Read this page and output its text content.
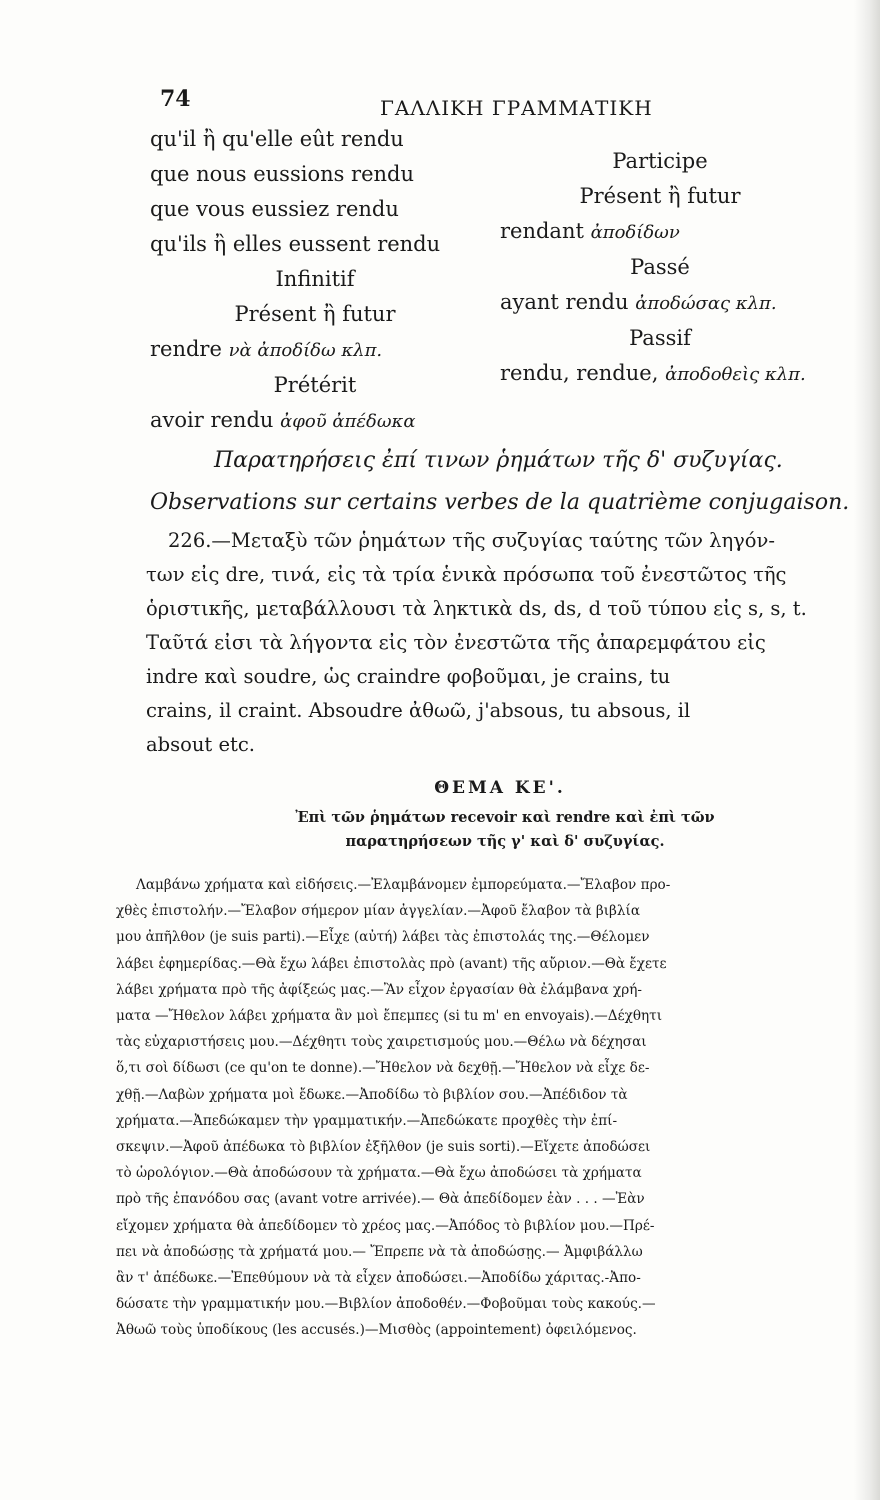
74	ΓΑΛΛΙΚΗ ΓΡΑΜΜΑΤΙΚΗ
qu'il ἢ qu'elle eût rendu
que nous eussions rendu
que vous eussiez rendu
qu'ils ἢ elles eussent rendu
Infinitif
Présent ἢ futur
rendre νὰ ἀποδίδω κλπ.
Prétérit
avoir rendu ἀφοῦ ἀπέδωκα
Participe
Présent ἢ futur
rendant ἀποδίδων
Passé
ayant rendu ἀποδώσας κλπ.
Passif
rendu, rendue, ἀποδοθεὶς κλπ.
Παρατηρήσεις ἐπί τινων ῥημάτων τῆς δ' συζυγίας.
Observations sur certains verbes de la quatrième conjugaison.
226.—Μεταξὺ τῶν ῥημάτων τῆς συζυγίας ταύτης τῶν ληγόν-
των εἰς dre, τινά, εἰς τὰ τρία ἑνικὰ πρόσωπα τοῦ ἐνεστῶτος τῆς
ὁριστικῆς, μεταβάλλουσι τὰ ληκτικὰ ds, ds, d τοῦ τύπου εἰς s, s, t.
Ταῦτά εἰσι τὰ λήγοντα εἰς τὸν ἐνεστῶτα τῆς ἀπαρεμφάτου εἰς
indre καὶ soudre, ὡς craindre φοβοῦμαι, je crains, tu
crains, il craint. Absoudre ἀθωῶ, j'absous, tu absous, il
absout etc.
ΘΕΜΑ ΚΕ'.
Ἐπὶ τῶν ῥημάτων recevoir καὶ rendre καὶ ἐπὶ τῶν
παρατηρήσεων τῆς γ' καὶ δ' συζυγίας.
Λαμβάνω χρήματα καὶ εἰδήσεις.—Ἐλαμβάνομεν ἐμπορεύματα.—Ἔλαβον προ-
χθὲς ἐπιστολήν.—Ἔλαβον σήμερον μίαν ἀγγελίαν.—Ἀφοῦ ἔλαβον τὰ βιβλία
μου ἀπῆλθον (je suis parti).—Εἶχε (αὐτή) λάβει τὰς ἐπιστολάς της.—Θέλομεν
λάβει ἐφημερίδας.—Θὰ ἔχω λάβει ἐπιστολὰς πρὸ (avant) τῆς αὔριον.—Θὰ ἔχετε
λάβει χρήματα πρὸ τῆς ἀφίξεώς μας.—Ἂν εἶχον ἐργασίαν θὰ ἐλάμβανα χρή-
ματα —Ἤθελον λάβει χρήματα ἂν μοὶ ἔπεμπες (si tu m' en envoyais).—Δέχθητι
τὰς εὐχαριστήσεις μου.—Δέχθητι τοὺς χαιρετισμούς μου.—Θέλω νὰ δέχησαι
ὅ,τι σοὶ δίδωσι (ce qu'on te donne).—Ἤθελον νὰ δεχθῇ.—Ἤθελον νὰ εἶχε δε-
χθῇ.—Λαβὼν χρήματα μοὶ ἔδωκε.—Ἀποδίδω τὸ βιβλίον σου.—Ἀπέδιδον τὰ
χρήματα.—Ἀπεδώκαμεν τὴν γραμματικήν.—Ἀπεδώκατε προχθὲς τὴν ἐπί-
σκεψιν.—Ἀφοῦ ἀπέδωκα τὸ βιβλίον ἐξῆλθον (je suis sorti).—Εἴχετε ἀποδώσει
τὸ ὡρολόγιον.—Θὰ ἀποδώσουν τὰ χρήματα.—Θὰ ἔχω ἀποδώσει τὰ χρήματα
πρὸ τῆς ἐπανόδου σας (avant votre arrivée).— Θὰ ἀπεδίδομεν ἐὰν . . . —Ἐὰν
εἴχομεν χρήματα θὰ ἀπεδίδομεν τὸ χρέος μας.—Ἀπόδος τὸ βιβλίον μου.—Πρέ-
πει νὰ ἀποδώσῃς τὰ χρήματά μου.— Ἔπρεπε νὰ τὰ ἀποδώσῃς.— Ἀμφιβάλλω
ἂν τ' ἀπέδωκε.—Ἐπεθύμουν νὰ τὰ εἶχεν ἀποδώσει.—Ἀποδίδω χάριτας.-Ἀπο-
δώσατε τὴν γραμματικήν μου.—Βιβλίον ἀποδοθέν.—Φοβοῦμαι τοὺς κακούς.—
Ἀθωῶ τοὺς ὑποδίκους (les accusés.)—Μισθὸς (appointement) ὀφειλόμενος.
